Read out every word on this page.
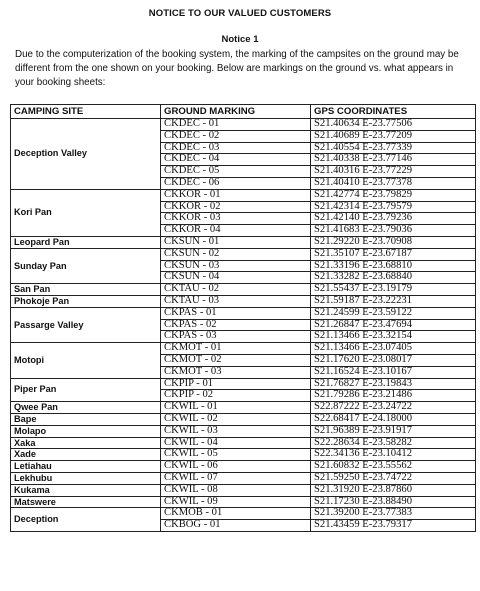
NOTICE TO OUR VALUED CUSTOMERS
Notice 1
Due to the computerization of the booking system, the marking of the campsites on the ground may be different from the one shown on your booking. Below are markings on the ground vs. what appears in your booking sheets:
CAMPING SITE	GROUND MARKING	GPS COORDINATES
Deception Valley	CKDEC - 01	S21.40634 E-23.77506
	CKDEC - 02	S21.40689 E-23.77209
	CKDEC - 03	S21.40554 E-23.77339
	CKDEC - 04	S21.40338 E-23.77146
	CKDEC - 05	S21.40316 E-23.77229
	CKDEC - 06	S21.40410 E-23.77378
Kori Pan	CKKOR - 01	S21.42774 E-23.79829
	CKKOR - 02	S21.42314 E-23.79579
	CKKOR - 03	S21.42140 E-23.79236
	CKKOR - 04	S21.41683 E-23.79036
Leopard Pan	CKSUN - 01	S21.29220 E-23.70908
Sunday Pan	CKSUN - 02	S21.35107 E-23.67187
	CKSUN - 03	S21.33196 E-23.68810
	CKSUN - 04	S21.33282 E-23.68840
San Pan	CKTAU - 02	S21.55437 E-23.19179
Phokoje Pan	CKTAU - 03	S21.59187 E-23.22231
Passarge Valley	CKPAS - 01	S21.24599 E-23.59122
	CKPAS - 02	S21.26847 E-23.47694
	CKPAS - 03	S21.13466 E-23.32154
Motopi	CKMOT - 01	S21.13466 E-23.07405
	CKMOT - 02	S21.17620 E-23.08017
	CKMOT - 03	S21.16524 E-23.10167
Piper Pan	CKPIP - 01	S21.76827 E-23.19843
	CKPIP - 02	S21.79286 E-23.21486
Qwee Pan	CKWIL - 01	S22.87222 E-23.24722
Bape	CKWIL - 02	S22.68417 E-24.18000
Molapo	CKWIL - 03	S21.96389 E-23.91917
Xaka	CKWIL - 04	S22.28634 E-23.58282
Xade	CKWIL - 05	S22.34136 E-23.10412
Letiahau	CKWIL - 06	S21.60832 E-23.55562
Lekhubu	CKWIL - 07	S21.59250 E-23.74722
Kukama	CKWIL - 08	S21.31920 E-23.87860
Matswere	CKWIL - 09	S21.17230 E-23.88490
Deception	CKMOB - 01	S21.39200 E-23.77383
	CKBOG - 01	S21.43459 E-23.79317
